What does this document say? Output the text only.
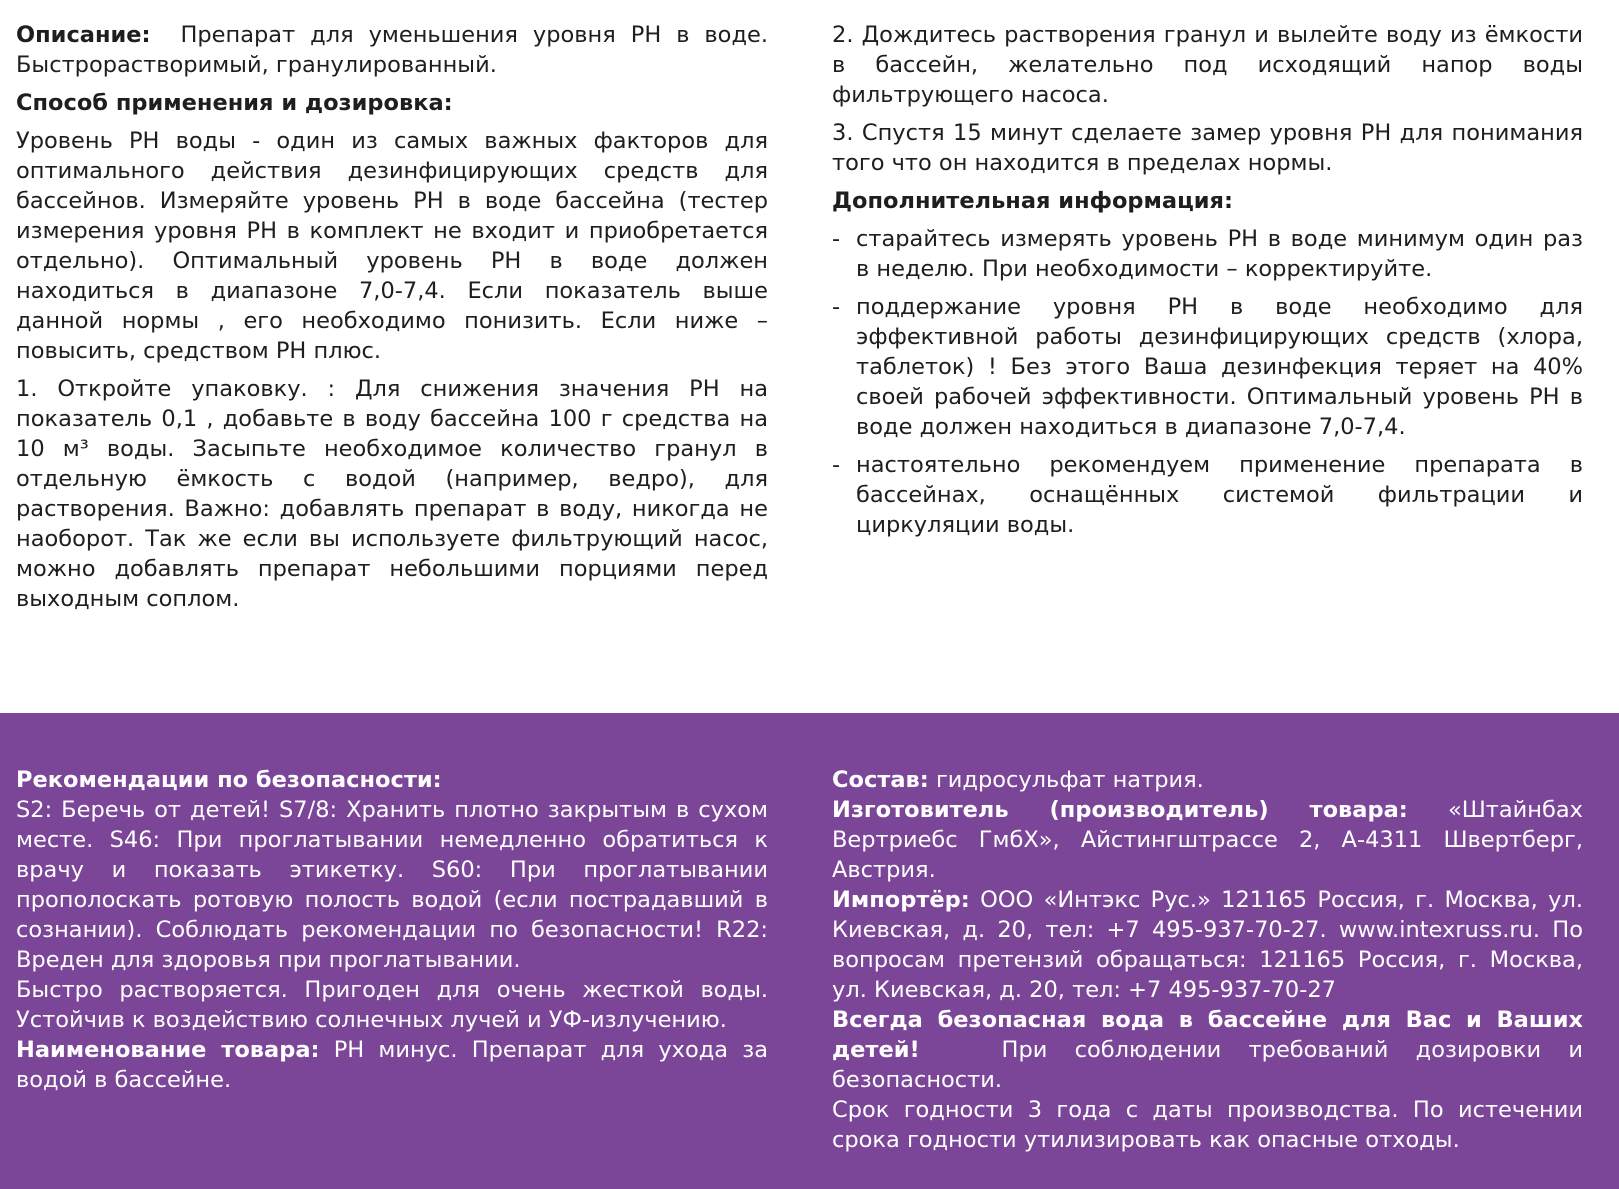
Описание: Препарат для уменьшения уровня PH в воде. Быстрорастворимый, гранулированный.

Способ применения и дозировка:

Уровень РН воды - один из самых важных факторов для оптимального действия дезинфицирующих средств для бассейнов. Измеряйте уровень РН в воде бассейна (тестер измерения уровня РН в комплект не входит и приобретается отдельно). Оптимальный уровень РН в воде должен находиться в диапазоне 7,0-7,4. Если показатель выше данной нормы , его необходимо понизить. Если ниже – повысить, средством РН плюс.

1. Откройте упаковку. : Для снижения значения РН на показатель 0,1 , добавьте в воду бассейна 100 г средства на 10 м³ воды. Засыпьте необходимое количество гранул в отдельную ёмкость с водой (например, ведро), для растворения. Важно: добавлять препарат в воду, никогда не наоборот. Так же если вы используете фильтрующий насос, можно добавлять препарат небольшими порциями перед выходным соплом.

2. Дождитесь растворения гранул и вылейте воду из ёмкости в бассейн, желательно под исходящий напор воды фильтрующего насоса.

3. Спустя 15 минут сделаете замер уровня РН для понимания того что он находится в пределах нормы.

Дополнительная информация:

- старайтесь измерять уровень РН в воде минимум один раз в неделю. При необходимости – корректируйте.
- поддержание уровня РН в воде необходимо для эффективной работы дезинфицирующих средств (хлора, таблеток) ! Без этого Ваша дезинфекция теряет на 40% своей рабочей эффективности. Оптимальный уровень РН в воде должен находиться в диапазоне 7,0-7,4.
- настоятельно рекомендуем применение препарата в бассейнах, оснащённых системой фильтрации и циркуляции воды.

Рекомендации по безопасности:

S2: Беречь от детей! S7/8: Хранить плотно закрытым в сухом месте. S46: При проглатывании немедленно обратиться к врачу и показать этикетку. S60: При проглатывании прополоскать ротовую полость водой (если пострадавший в сознании). Соблюдать рекомендации по безопасности! R22: Вреден для здоровья при проглатывании.

Быстро растворяется. Пригоден для очень жесткой воды. Устойчив к воздействию солнечных лучей и УФ-излучению.

Наименование товара: PH минус. Препарат для ухода за водой в бассейне.

Состав: гидросульфат натрия.

Изготовитель (производитель) товара: «Штайнбах Вертриебс ГмбХ», Айстингштрассе 2, А-4311 Швертберг, Австрия.

Импортёр: ООО «Интэкс Рус.» 121165 Россия, г. Москва, ул. Киевская, д. 20, тел: +7 495-937-70-27. www.intexruss.ru. По вопросам претензий обращаться: 121165 Россия, г. Москва, ул. Киевская, д. 20, тел: +7 495-937-70-27

Всегда безопасная вода в бассейне для Вас и Ваших детей!	При соблюдении требований дозировки и безопасности.

Срок годности 3 года с даты производства. По истечении срока годности утилизировать как опасные отходы.
